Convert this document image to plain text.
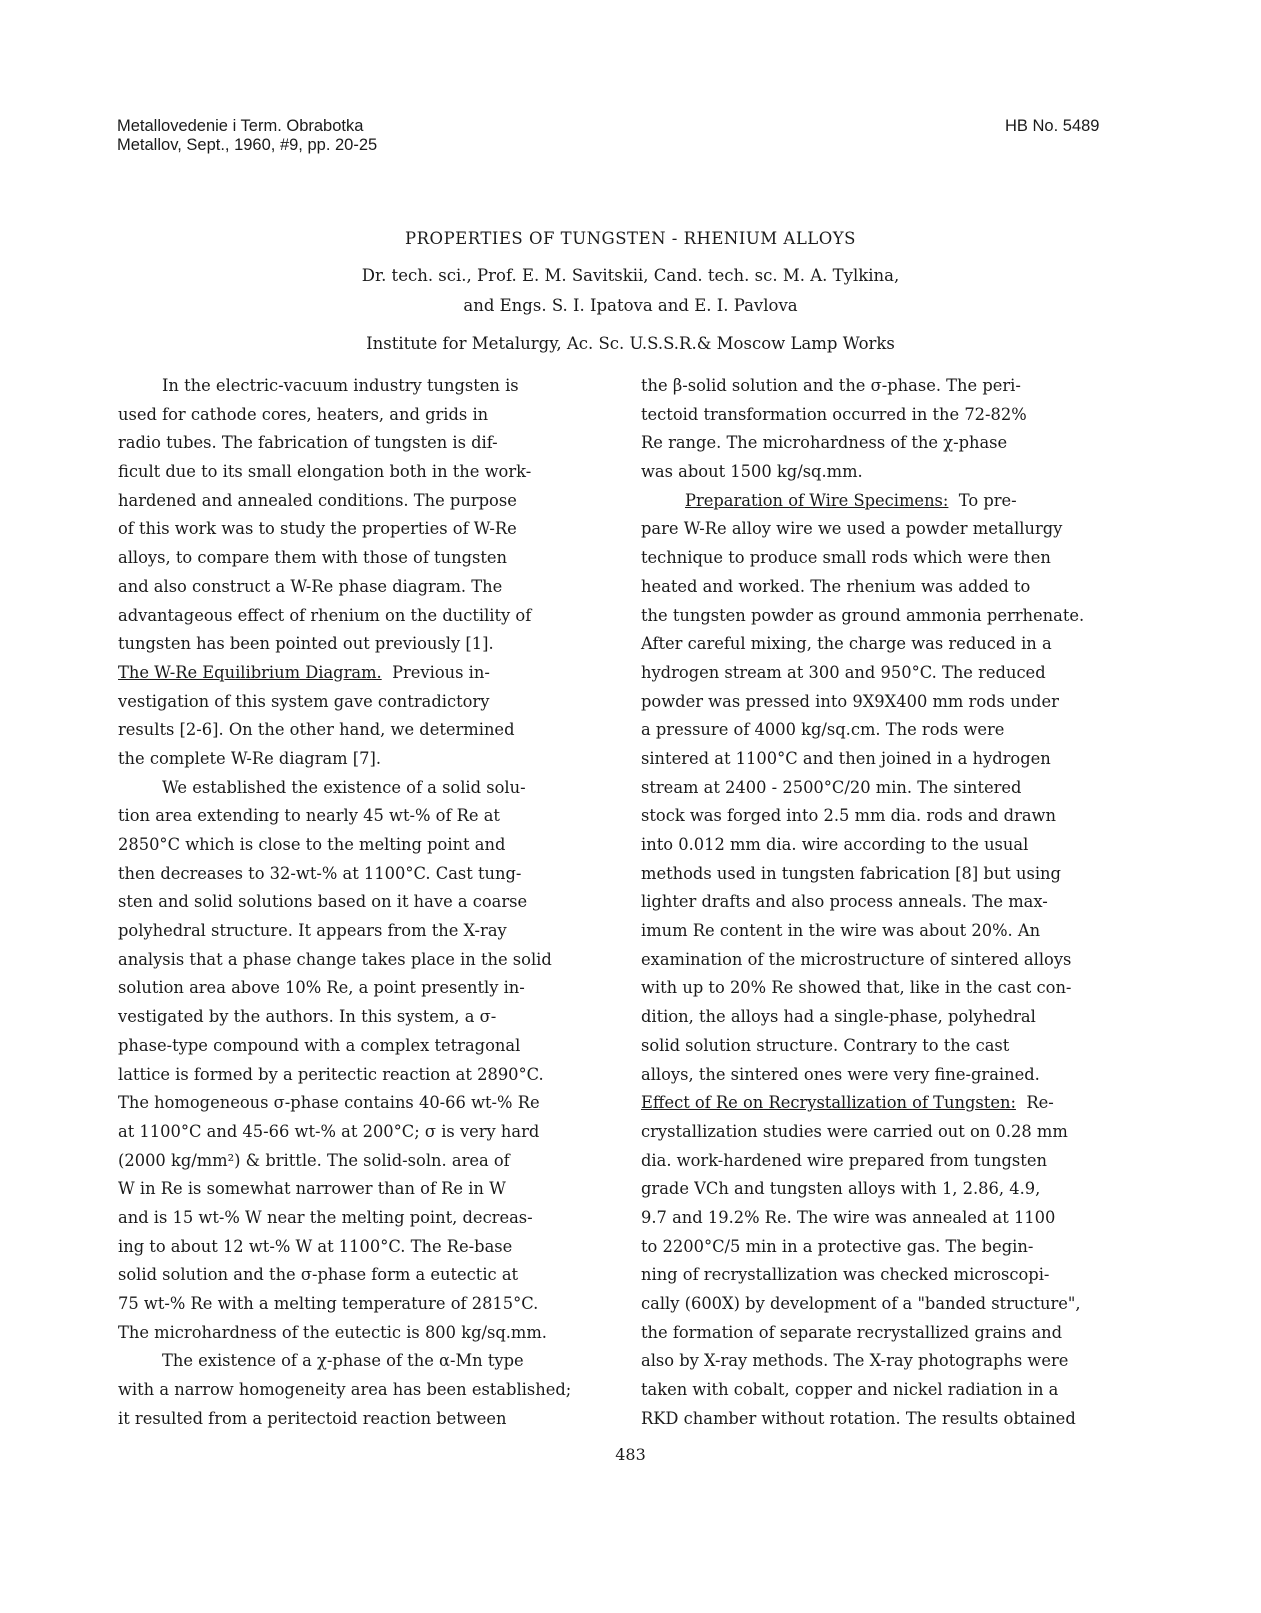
Metallovedenie i Term. Obrabotka
Metallov, Sept., 1960, #9, pp. 20-25
HB No. 5489
PROPERTIES OF TUNGSTEN - RHENIUM ALLOYS
Dr. tech. sci., Prof. E. M. Savitskii, Cand. tech. sc. M. A. Tylkina,
and Engs. S. I. Ipatova and E. I. Pavlova
Institute for Metalurgy, Ac. Sc. U.S.S.R.& Moscow Lamp Works
In the electric-vacuum industry tungsten is
used for cathode cores, heaters, and grids in
radio tubes. The fabrication of tungsten is dif-
ficult due to its small elongation both in the work-
hardened and annealed conditions. The purpose
of this work was to study the properties of W-Re
alloys, to compare them with those of tungsten
and also construct a W-Re phase diagram. The
advantageous effect of rhenium on the ductility of
tungsten has been pointed out previously [1].
The W-Re Equilibrium Diagram. Previous in-
vestigation of this system gave contradictory
results [2-6]. On the other hand, we determined
the complete W-Re diagram [7].
We established the existence of a solid solu-
tion area extending to nearly 45 wt-% of Re at
2850°C which is close to the melting point and
then decreases to 32-wt-% at 1100°C. Cast tung-
sten and solid solutions based on it have a coarse
polyhedral structure. It appears from the X-ray
analysis that a phase change takes place in the solid
solution area above 10% Re, a point presently in-
vestigated by the authors. In this system, a σ-
phase-type compound with a complex tetragonal
lattice is formed by a peritectic reaction at 2890°C.
The homogeneous σ-phase contains 40-66 wt-% Re
at 1100°C and 45-66 wt-% at 200°C; σ is very hard
(2000 kg/mm²) & brittle. The solid-soln. area of
W in Re is somewhat narrower than of Re in W
and is 15 wt-% W near the melting point, decreas-
ing to about 12 wt-% W at 1100°C. The Re-base
solid solution and the σ-phase form a eutectic at
75 wt-% Re with a melting temperature of 2815°C.
The microhardness of the eutectic is 800 kg/sq.mm.
The existence of a χ-phase of the α-Mn type
with a narrow homogeneity area has been established;
it resulted from a peritectoid reaction between
the β-solid solution and the σ-phase. The peri-
tectoid transformation occurred in the 72-82%
Re range. The microhardness of the χ-phase
was about 1500 kg/sq.mm.
Preparation of Wire Specimens: To pre-
pare W-Re alloy wire we used a powder metallurgy
technique to produce small rods which were then
heated and worked. The rhenium was added to
the tungsten powder as ground ammonia perrhenate.
After careful mixing, the charge was reduced in a
hydrogen stream at 300 and 950°C. The reduced
powder was pressed into 9X9X400 mm rods under
a pressure of 4000 kg/sq.cm. The rods were
sintered at 1100°C and then joined in a hydrogen
stream at 2400 - 2500°C/20 min. The sintered
stock was forged into 2.5 mm dia. rods and drawn
into 0.012 mm dia. wire according to the usual
methods used in tungsten fabrication [8] but using
lighter drafts and also process anneals. The max-
imum Re content in the wire was about 20%. An
examination of the microstructure of sintered alloys
with up to 20% Re showed that, like in the cast con-
dition, the alloys had a single-phase, polyhedral
solid solution structure. Contrary to the cast
alloys, the sintered ones were very fine-grained.
Effect of Re on Recrystallization of Tungsten: Re-
crystallization studies were carried out on 0.28 mm
dia. work-hardened wire prepared from tungsten
grade VCh and tungsten alloys with 1, 2.86, 4.9,
9.7 and 19.2% Re. The wire was annealed at 1100
to 2200°C/5 min in a protective gas. The begin-
ning of recrystallization was checked microscopi-
cally (600X) by development of a "banded structure",
the formation of separate recrystallized grains and
also by X-ray methods. The X-ray photographs were
taken with cobalt, copper and nickel radiation in a
RKD chamber without rotation. The results obtained
483
